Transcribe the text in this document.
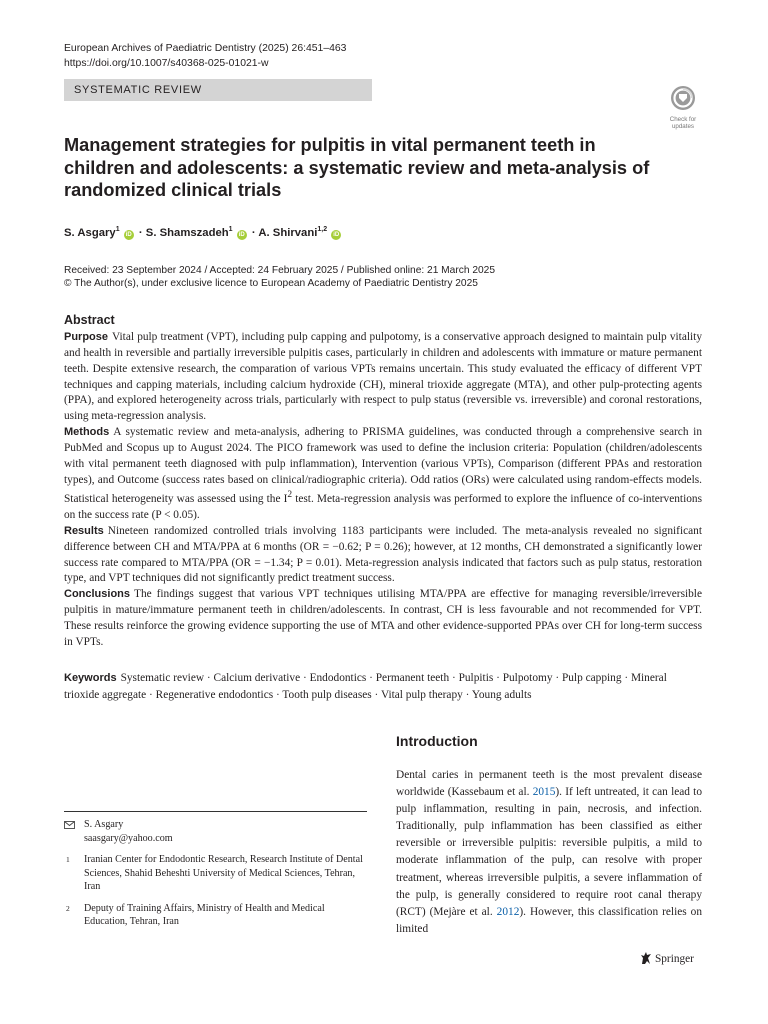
European Archives of Paediatric Dentistry (2025) 26:451–463
https://doi.org/10.1007/s40368-025-01021-w
SYSTEMATIC REVIEW
Check for
updates
Management strategies for pulpitis in vital permanent teeth in children and adolescents: a systematic review and meta-analysis of randomized clinical trials
S. Asgary$^1$ iD · S. Shamszadeh$^1$ iD · A. Shirvani$^{1,2}$ iD
Received: 23 September 2024 / Accepted: 24 February 2025 / Published online: 21 March 2025
© The Author(s), under exclusive licence to European Academy of Paediatric Dentistry 2025
Abstract

Purpose Vital pulp treatment (VPT), including pulp capping and pulpotomy, is a conservative approach designed to maintain pulp vitality and health in reversible and partially irreversible pulpitis cases, particularly in children and adolescents with immature or mature permanent teeth. Despite extensive research, the comparation of various VPTs remains uncertain. This study evaluated the efficacy of different VPT techniques and capping materials, including calcium hydroxide (CH), mineral trioxide aggregate (MTA), and other pulp-protecting agents (PPA), and explored heterogeneity across trials, particularly with respect to pulp status (reversible vs. irreversible) and coronal restorations, using meta-regression analysis.

Methods A systematic review and meta-analysis, adhering to PRISMA guidelines, was conducted through a comprehensive search in PubMed and Scopus up to August 2024. The PICO framework was used to define the inclusion criteria: Population (children/adolescents with vital permanent teeth diagnosed with pulp inflammation), Intervention (various VPTs), Comparison (different PPAs and restoration types), and Outcome (success rates based on clinical/radiographic criteria). Odd ratios (ORs) were calculated using random-effects models. Statistical heterogeneity was assessed using the $I^2$ test. Meta-regression analysis was performed to explore the influence of co-interventions on the success rate (P < 0.05).

Results Nineteen randomized controlled trials involving 1183 participants were included. The meta-analysis revealed no significant difference between CH and MTA/PPA at 6 months (OR = −0.62; P = 0.26); however, at 12 months, CH demonstrated a significantly lower success rate compared to MTA/PPA (OR = −1.34; P = 0.01). Meta-regression analysis indicated that factors such as pulp status, restoration type, and VPT techniques did not significantly predict treatment success.

Conclusions The findings suggest that various VPT techniques utilising MTA/PPA are effective for managing reversible/irreversible pulpitis in mature/immature permanent teeth in children/adolescents. In contrast, CH is less favourable and not recommended for VPT. These results reinforce the growing evidence supporting the use of MTA and other evidence-supported PPAs over CH for long-term success in VPTs.

Keywords Systematic review · Calcium derivative · Endodontics · Permanent teeth · Pulpitis · Pulpotomy · Pulp capping · Mineral trioxide aggregate · Regenerative endodontics · Tooth pulp diseases · Vital pulp therapy · Young adults
Introduction

Dental caries in permanent teeth is the most prevalent disease worldwide (Kassebaum et al. 2015). If left untreated, it can lead to pulp inflammation, resulting in pain, necrosis, and infection. Traditionally, pulp inflammation has been classified as either reversible or irreversible pulpitis: reversible pulpitis, a mild to moderate inflammation of the pulp, can resolve with proper treatment, whereas irreversible pulpitis, a severe inflammation of the pulp, is generally considered to require root canal therapy (RCT) (Mejàre et al. 2012). However, this classification relies on limited

S. Asgary
saasgary@yahoo.com
1 Iranian Center for Endodontic Research, Research Institute of Dental Sciences, Shahid Beheshti University of Medical Sciences, Tehran, Iran
2 Deputy of Training Affairs, Ministry of Health and Medical Education, Tehran, Iran
Springer
